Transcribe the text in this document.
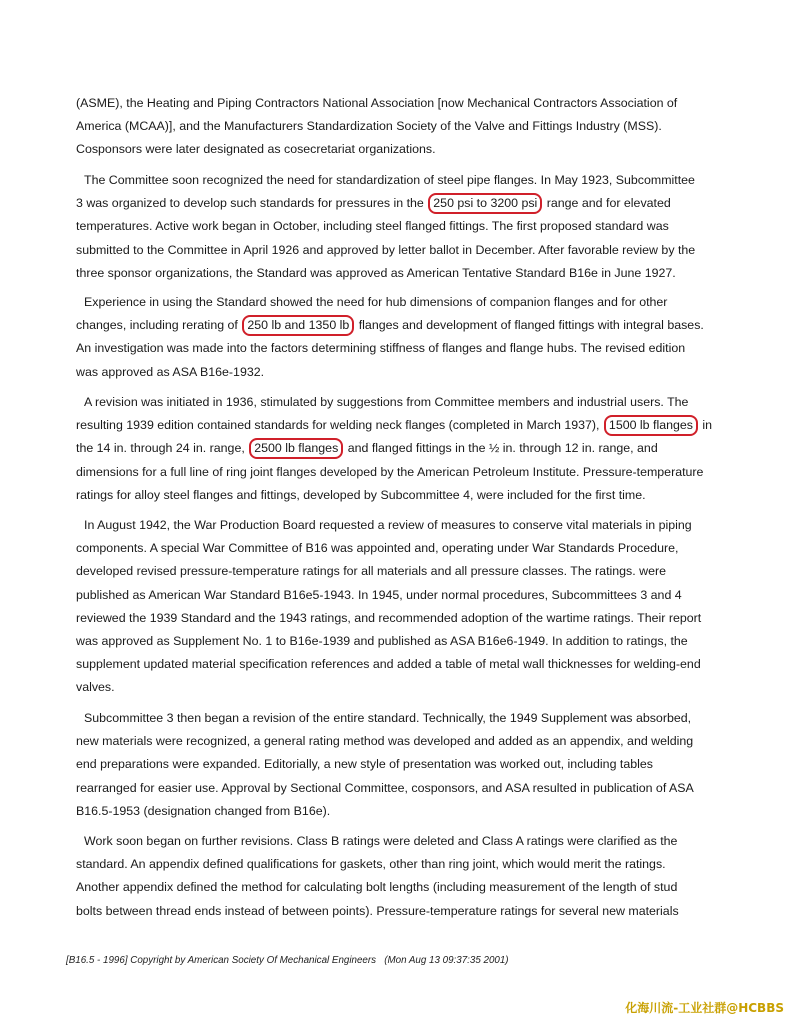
(ASME), the Heating and Piping Contractors National Association [now Mechanical Contractors Association of
America (MCAA)], and the Manufacturers Standardization Society of the Valve and Fittings Industry (MSS).
Cosponsors were later designated as cosecretariat organizations.
The Committee soon recognized the need for standardization of steel pipe flanges. In May 1923, Subcommittee
3 was organized to develop such standards for pressures in the 250 psi to 3200 psi range and for elevated
temperatures. Active work began in October, including steel flanged fittings. The first proposed standard was
submitted to the Committee in April 1926 and approved by letter ballot in December. After favorable review by the
three sponsor organizations, the Standard was approved as American Tentative Standard B16e in June 1927.
Experience in using the Standard showed the need for hub dimensions of companion flanges and for other
changes, including rerating of 250 lb and 1350 lb flanges and development of flanged fittings with integral bases.
An investigation was made into the factors determining stiffness of flanges and flange hubs. The revised edition
was approved as ASA B16e-1932.
A revision was initiated in 1936, stimulated by suggestions from Committee members and industrial users. The
resulting 1939 edition contained standards for welding neck flanges (completed in March 1937), 1500 lb flanges in
the 14 in. through 24 in. range, 2500 lb flanges and flanged fittings in the ½ in. through 12 in. range, and
dimensions for a full line of ring joint flanges developed by the American Petroleum Institute. Pressure-temperature
ratings for alloy steel flanges and fittings, developed by Subcommittee 4, were included for the first time.
In August 1942, the War Production Board requested a review of measures to conserve vital materials in piping
components. A special War Committee of B16 was appointed and, operating under War Standards Procedure,
developed revised pressure-temperature ratings for all materials and all pressure classes. The ratings. were
published as American War Standard B16e5-1943. In 1945, under normal procedures, Subcommittees 3 and 4
reviewed the 1939 Standard and the 1943 ratings, and recommended adoption of the wartime ratings. Their report
was approved as Supplement No. 1 to B16e-1939 and published as ASA B16e6-1949. In addition to ratings, the
supplement updated material specification references and added a table of metal wall thicknesses for welding-end
valves.
Subcommittee 3 then began a revision of the entire standard. Technically, the 1949 Supplement was absorbed,
new materials were recognized, a general rating method was developed and added as an appendix, and welding
end preparations were expanded. Editorially, a new style of presentation was worked out, including tables
rearranged for easier use. Approval by Sectional Committee, cosponsors, and ASA resulted in publication of ASA
B16.5-1953 (designation changed from B16e).
Work soon began on further revisions. Class B ratings were deleted and Class A ratings were clarified as the
standard. An appendix defined qualifications for gaskets, other than ring joint, which would merit the ratings.
Another appendix defined the method for calculating bolt lengths (including measurement of the length of stud
bolts between thread ends instead of between points). Pressure-temperature ratings for several new materials
[B16.5 - 1996] Copyright by American Society Of Mechanical Engineers   (Mon Aug 13 09:37:35 2001)
化海川流-工业社群@HCBBS
